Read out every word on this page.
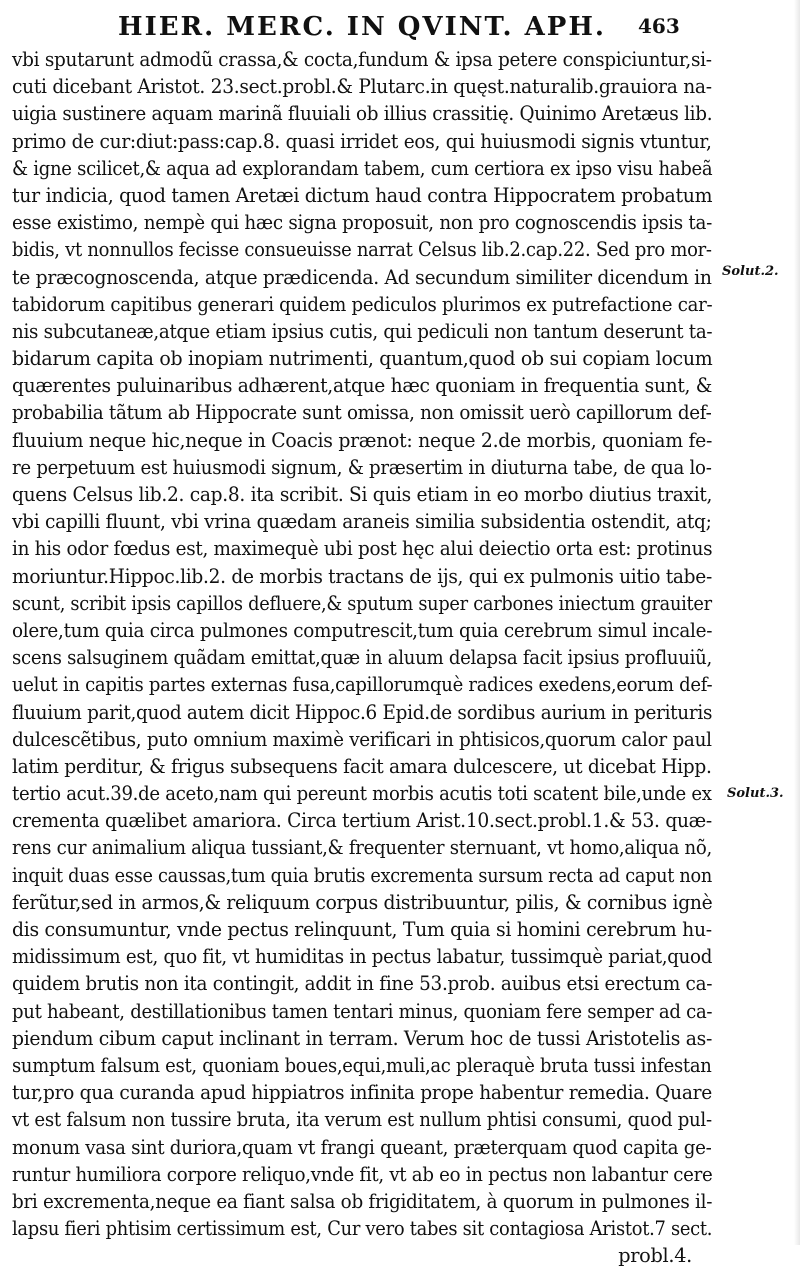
HIER. MERC. IN QVINT. APH. 463
vbi sputarunt admodũ crassa,& cocta,fundum & ipsa petere conspiciuntur,si-
cuti dicebant Aristot. 23.sect.probl.& Plutarc.in quęst.naturalib.grauiora na-
uigia sustinere aquam marinã fluuiali ob illius crassitię. Quinimo Aretæus lib.
primo de cur:diut:pass:cap.8. quasi irridet eos, qui huiusmodi signis vtuntur,
& igne scilicet,& aqua ad explorandam tabem, cum certiora ex ipso visu habeã
tur indicia, quod tamen Aretæi dictum haud contra Hippocratem probatum
esse existimo, nempè qui hæc signa proposuit, non pro cognoscendis ipsis ta-
bidis, vt nonnullos fecisse consueuisse narrat Celsus lib.2.cap.22. Sed pro mor-
te præcognoscenda, atque prædicenda. Ad secundum similiter dicendum in
tabidorum capitibus generari quidem pediculos plurimos ex putrefactione car-
nis subcutaneæ,atque etiam ipsius cutis, qui pediculi non tantum deserunt ta-
bidarum capita ob inopiam nutrimenti, quantum,quod ob sui copiam locum
quærentes puluinaribus adhærent,atque hæc quoniam in frequentia sunt, &
probabilia tãtum ab Hippocrate sunt omissa, non omissit uerò capillorum def-
fluuium neque hic,neque in Coacis prænot: neque 2.de morbis, quoniam fe-
re perpetuum est huiusmodi signum, & præsertim in diuturna tabe, de qua lo-
quens Celsus lib.2. cap.8. ita scribit. Si quis etiam in eo morbo diutius traxit,
vbi capilli fluunt, vbi vrina quædam araneis similia subsidentia ostendit, atq;
in his odor fœdus est, maximequè ubi post hęc alui deiectio orta est: protinus
moriuntur.Hippoc.lib.2. de morbis tractans de ijs, qui ex pulmonis uitio tabe-
scunt, scribit ipsis capillos defluere,& sputum super carbones iniectum grauiter
olere,tum quia circa pulmones computrescit,tum quia cerebrum simul incale-
scens salsuginem quãdam emittat,quæ in aluum delapsa facit ipsius profluuiũ,
uelut in capitis partes externas fusa,capillorumquè radices exedens,eorum def-
fluuium parit,quod autem dicit Hippoc.6 Epid.de sordibus aurium in perituris
dulcescẽtibus, puto omnium maximè verificari in phtisicos,quorum calor paul
latim perditur, & frigus subsequens facit amara dulcescere, ut dicebat Hipp.
tertio acut.39.de aceto,nam qui pereunt morbis acutis toti scatent bile,unde ex
crementa quælibet amariora. Circa tertium Arist.10.sect.probl.1.& 53. quæ-
rens cur animalium aliqua tussiant,& frequenter sternuant, vt homo,aliqua nõ,
inquit duas esse caussas,tum quia brutis excrementa sursum recta ad caput non
ferũtur,sed in armos,& reliquum corpus distribuuntur, pilis, & cornibus ignè
dis consumuntur, vnde pectus relinquunt, Tum quia si homini cerebrum hu-
midissimum est, quo fit, vt humiditas in pectus labatur, tussimquè pariat,quod
quidem brutis non ita contingit, addit in fine 53.prob. auibus etsi erectum ca-
put habeant, destillationibus tamen tentari minus, quoniam fere semper ad ca-
piendum cibum caput inclinant in terram. Verum hoc de tussi Aristotelis as-
sumptum falsum est, quoniam boues,equi,muli,ac pleraquè bruta tussi infestan
tur,pro qua curanda apud hippiatros infinita prope habentur remedia. Quare
vt est falsum non tussire bruta, ita verum est nullum phtisi consumi, quod pul-
monum vasa sint duriora,quam vt frangi queant, præterquam quod capita ge-
runtur humiliora corpore reliquo,vnde fit, vt ab eo in pectus non labantur cere
bri excrementa,neque ea fiant salsa ob frigiditatem, à quorum in pulmones il-
lapsu fieri phtisim certissimum est, Cur vero tabes sit contagiosa Aristot.7 sect.
probl.4.
Solut.2.
Solut.3.
